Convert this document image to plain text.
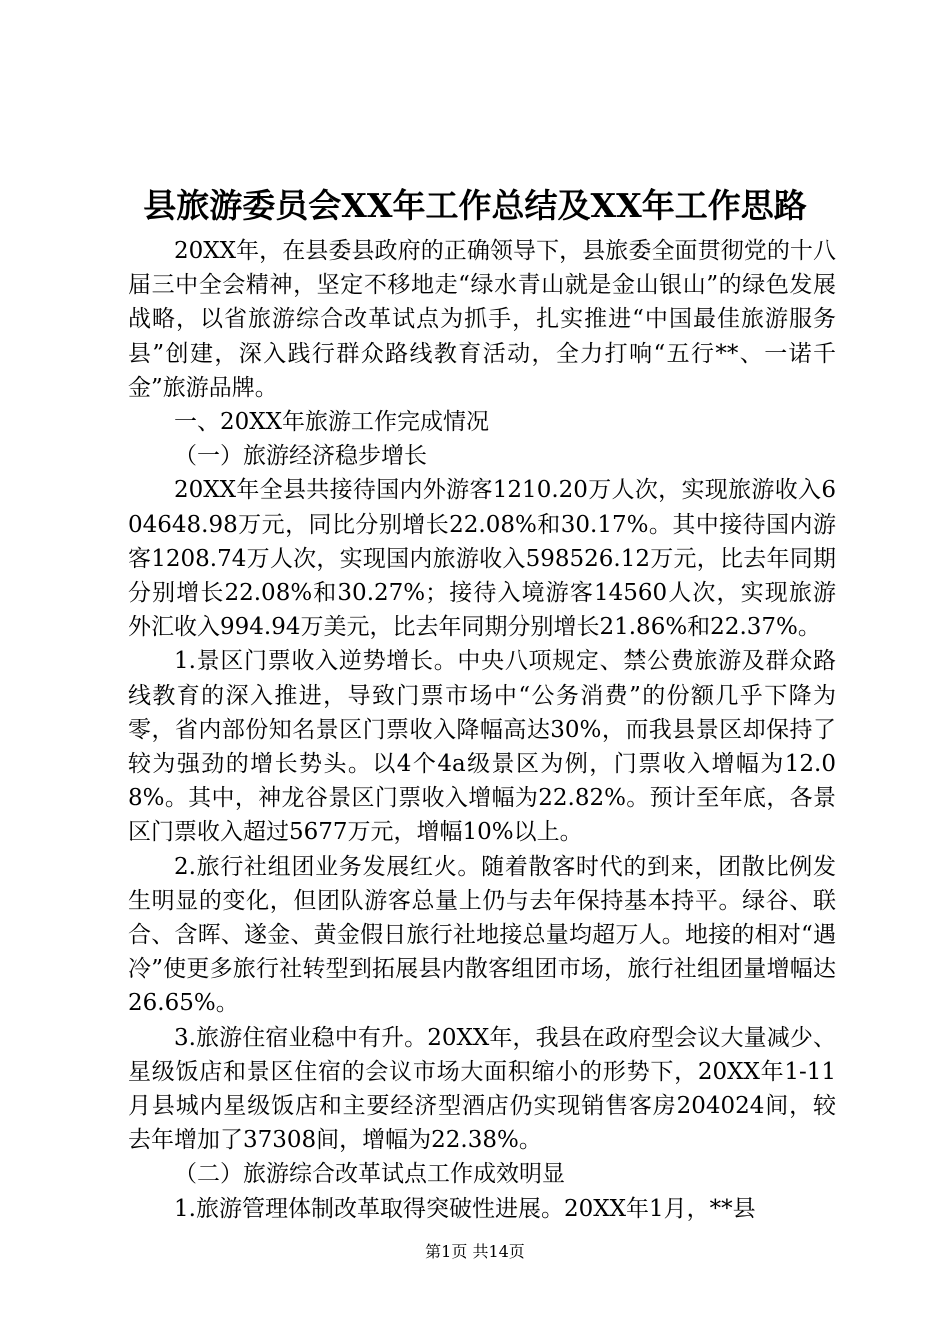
县旅游委员会XX年工作总结及XX年工作思路

20XX年，在县委县政府的正确领导下，县旅委全面贯彻党的十八届三中全会精神，坚定不移地走“绿水青山就是金山银山”的绿色发展战略，以省旅游综合改革试点为抓手，扎实推进“中国最佳旅游服务县”创建，深入践行群众路线教育活动，全力打响“五行**、一诺千金”旅游品牌。

一、20XX年旅游工作完成情况

（一）旅游经济稳步增长

20XX年全县共接待国内外游客1210.20万人次，实现旅游收入604648.98万元，同比分别增长22.08%和30.17%。其中接待国内游客1208.74万人次，实现国内旅游收入598526.12万元，比去年同期分别增长22.08%和30.27%；接待入境游客14560人次，实现旅游外汇收入994.94万美元，比去年同期分别增长21.86%和22.37%。

1.景区门票收入逆势增长。中央八项规定、禁公费旅游及群众路线教育的深入推进，导致门票市场中“公务消费”的份额几乎下降为零，省内部份知名景区门票收入降幅高达30%，而我县景区却保持了较为强劲的增长势头。以4个4a级景区为例，门票收入增幅为12.08%。其中，神龙谷景区门票收入增幅为22.82%。预计至年底，各景区门票收入超过5677万元，增幅10%以上。

2.旅行社组团业务发展红火。随着散客时代的到来，团散比例发生明显的变化，但团队游客总量上仍与去年保持基本持平。绿谷、联合、含晖、遂金、黄金假日旅行社地接总量均超万人。地接的相对“遇冷”使更多旅行社转型到拓展县内散客组团市场，旅行社组团量增幅达26.65%。

3.旅游住宿业稳中有升。20XX年，我县在政府型会议大量减少、星级饭店和景区住宿的会议市场大面积缩小的形势下，20XX年1-11月县城内星级饭店和主要经济型酒店仍实现销售客房204024间，较去年增加了37308间，增幅为22.38%。

（二）旅游综合改革试点工作成效明显

1.旅游管理体制改革取得突破性进展。20XX年1月，**县

第1页 共14页
